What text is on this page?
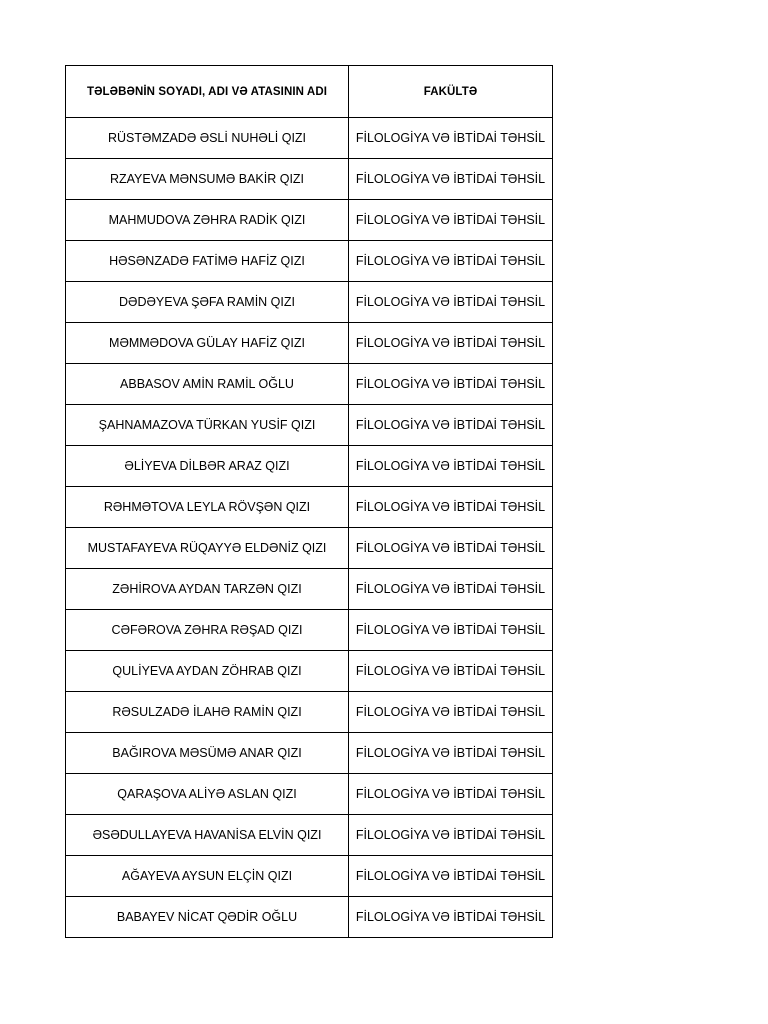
TƏLƏBƏNİN SOYADI, ADI VƏ ATASININ ADI	FAKÜLTƏ
RÜSTƏMZADƏ ƏSLİ NUHƏLİ QIZI	FİLOLOGİYA VƏ İBTİDAİ TƏHSİL
RZAYEVA MƏNSUMƏ BAKİR QIZI	FİLOLOGİYA VƏ İBTİDAİ TƏHSİL
MAHMUDOVA ZƏHRA RADİK QIZI	FİLOLOGİYA VƏ İBTİDAİ TƏHSİL
HƏSƏNZADƏ FATİMƏ HAFİZ QIZI	FİLOLOGİYA VƏ İBTİDAİ TƏHSİL
DƏDƏYEVA ŞƏFA RAMİN QIZI	FİLOLOGİYA VƏ İBTİDAİ TƏHSİL
MƏMMƏDOVA GÜLAY HAFİZ QIZI	FİLOLOGİYA VƏ İBTİDAİ TƏHSİL
ABBASOV AMİN RAMİL OĞLU	FİLOLOGİYA VƏ İBTİDAİ TƏHSİL
ŞAHNAMAZOVA TÜRKAN YUSİF QIZI	FİLOLOGİYA VƏ İBTİDAİ TƏHSİL
ƏLİYEVA DİLBƏR ARAZ QIZI	FİLOLOGİYA VƏ İBTİDAİ TƏHSİL
RƏHMƏTOVA LEYLA RÖVŞƏN QIZI	FİLOLOGİYA VƏ İBTİDAİ TƏHSİL
MUSTAFAYEVA RÜQAYYƏ ELDƏNİZ QIZI	FİLOLOGİYA VƏ İBTİDAİ TƏHSİL
ZƏHİROVA AYDAN TARZƏN QIZI	FİLOLOGİYA VƏ İBTİDAİ TƏHSİL
CƏFƏROVA ZƏHRA RƏŞAD QIZI	FİLOLOGİYA VƏ İBTİDAİ TƏHSİL
QULİYEVA AYDAN ZÖHRAB QIZI	FİLOLOGİYA VƏ İBTİDAİ TƏHSİL
RƏSULZADƏ İLAHƏ RAMİN QIZI	FİLOLOGİYA VƏ İBTİDAİ TƏHSİL
BAĞIROVA MƏSÜMƏ ANAR QIZI	FİLOLOGİYA VƏ İBTİDAİ TƏHSİL
QARAŞOVA ALİYƏ ASLAN QIZI	FİLOLOGİYA VƏ İBTİDAİ TƏHSİL
ƏSƏDULLAYEVA HAVANİSA ELVİN QIZI	FİLOLOGİYA VƏ İBTİDAİ TƏHSİL
AĞAYEVA AYSUN ELÇİN QIZI	FİLOLOGİYA VƏ İBTİDAİ TƏHSİL
BABAYEV NİCAT QƏDİR OĞLU	FİLOLOGİYA VƏ İBTİDAİ TƏHSİL
